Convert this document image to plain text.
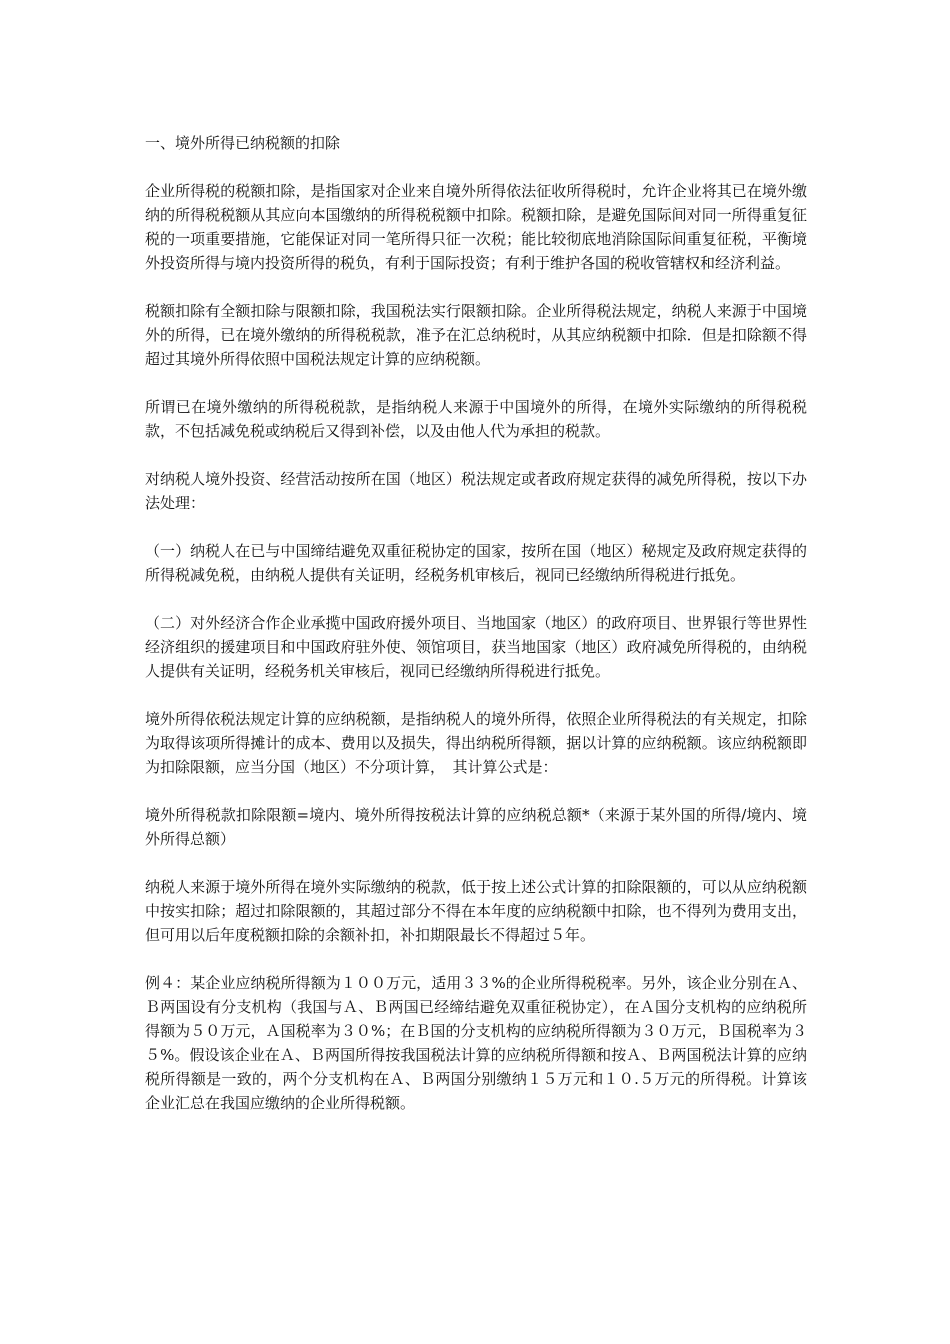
一、境外所得已纳税额的扣除

企业所得税的税额扣除，是指国家对企业来自境外所得依法征收所得税时，允许企业将其已在境外缴纳的所得税税额从其应向本国缴纳的所得税税额中扣除。税额扣除，是避免国际间对同一所得重复征税的一项重要措施，它能保证对同一笔所得只征一次税；能比较彻底地消除国际间重复征税，平衡境外投资所得与境内投资所得的税负，有利于国际投资；有利于维护各国的税收管辖权和经济利益。

税额扣除有全额扣除与限额扣除，我国税法实行限额扣除。企业所得税法规定，纳税人来源于中国境外的所得，已在境外缴纳的所得税税款，准予在汇总纳税时，从其应纳税额中扣除．但是扣除额不得超过其境外所得依照中国税法规定计算的应纳税额。

所谓已在境外缴纳的所得税税款，是指纳税人来源于中国境外的所得，在境外实际缴纳的所得税税款，不包括减免税或纳税后又得到补偿，以及由他人代为承担的税款。

对纳税人境外投资、经营活动按所在国（地区）税法规定或者政府规定获得的减免所得税，按以下办法处理：

（一）纳税人在已与中国缔结避免双重征税协定的国家，按所在国（地区）秘规定及政府规定获得的所得税减免税，由纳税人提供有关证明，经税务机审核后，视同已经缴纳所得税进行抵免。

（二）对外经济合作企业承揽中国政府援外项目、当地国家（地区）的政府项目、世界银行等世界性经济组织的援建项目和中国政府驻外使、领馆项目，获当地国家（地区）政府减免所得税的，由纳税人提供有关证明，经税务机关审核后，视同已经缴纳所得税进行抵免。

境外所得依税法规定计算的应纳税额，是指纳税人的境外所得，依照企业所得税法的有关规定，扣除为取得该项所得摊计的成本、费用以及损失，得出纳税所得额，据以计算的应纳税额。该应纳税额即为扣除限额，应当分国（地区）不分项计算，　其计算公式是：

境外所得税款扣除限额=境内、境外所得按税法计算的应纳税总额*（来源于某外国的所得/境内、境外所得总额）

纳税人来源于境外所得在境外实际缴纳的税款，低于按上述公式计算的扣除限额的，可以从应纳税额中按实扣除；超过扣除限额的，其超过部分不得在本年度的应纳税额中扣除，也不得列为费用支出，但可用以后年度税额扣除的余额补扣，补扣期限最长不得超过５年。

例４：某企业应纳税所得额为１００万元，适用３３%的企业所得税税率。另外，该企业分别在Ａ、Ｂ两国设有分支机构（我国与Ａ、Ｂ两国已经缔结避免双重征税协定），在Ａ国分支机构的应纳税所得额为５０万元，Ａ国税率为３０%；在Ｂ国的分支机构的应纳税所得额为３０万元，Ｂ国税率为３５%。假设该企业在Ａ、Ｂ两国所得按我国税法计算的应纳税所得额和按Ａ、Ｂ两国税法计算的应纳税所得额是一致的，两个分支机构在Ａ、Ｂ两国分别缴纳１５万元和１０.５万元的所得税。计算该企业汇总在我国应缴纳的企业所得税额。
